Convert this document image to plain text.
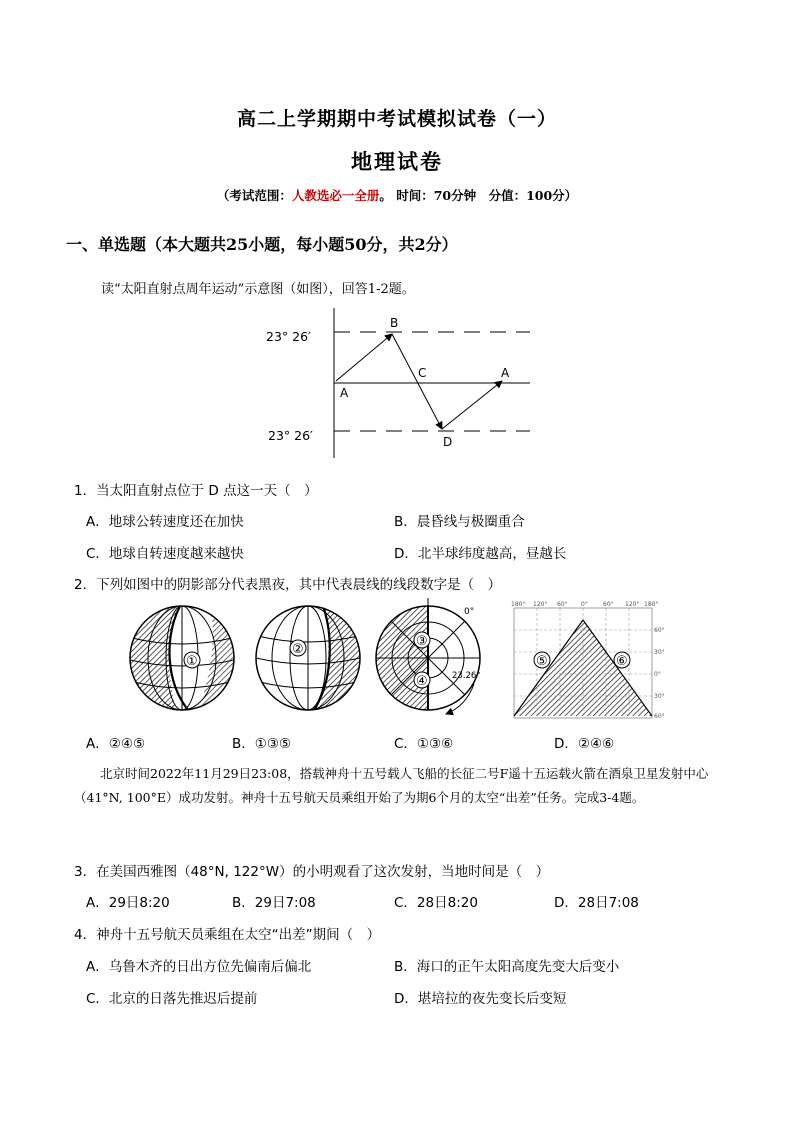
高二上学期期中考试模拟试卷（一）
地理试卷
（考试范围：人教选必一全册。 时间：70分钟　分值：100分）
一、单选题（本大题共25小题，每小题50分，共2分）
读“太阳直射点周年运动”示意图（如图），回答1-2题。
23° 26′
23° 26′
A
B
C
D
A
1．当太阳直射点位于 D 点这一天（　）
A．地球公转速度还在加快	B．晨昏线与极圈重合
C．地球自转速度越来越快	D．北半球纬度越高，昼越长
2．下列如图中的阴影部分代表黑夜，其中代表晨线的线段数字是（　）
①
②
③
④
0°
23.26°
180° 120° 60° 0°	60° 120° 180°
60°
30°
0°
30°
60°
⑤	⑥
A．②④⑤	B．①③⑤	C．①③⑥	D．②④⑥
北京时间2022年11月29日23:08，搭载神舟十五号载人飞船的长征二号F遥十五运载火箭在酒泉卫星发射中心（41°N, 100°E）成功发射。神舟十五号航天员乘组开始了为期6个月的太空“出差”任务。完成3-4题。
3．在美国西雅图（48°N, 122°W）的小明观看了这次发射，当地时间是（　）
A．29日8:20	B．29日7:08	C．28日8:20	D．28日7:08
4．神舟十五号航天员乘组在太空“出差”期间（　）
A．乌鲁木齐的日出方位先偏南后偏北	B．海口的正午太阳高度先变大后变小
C．北京的日落先推迟后提前	D．堪培拉的夜先变长后变短
